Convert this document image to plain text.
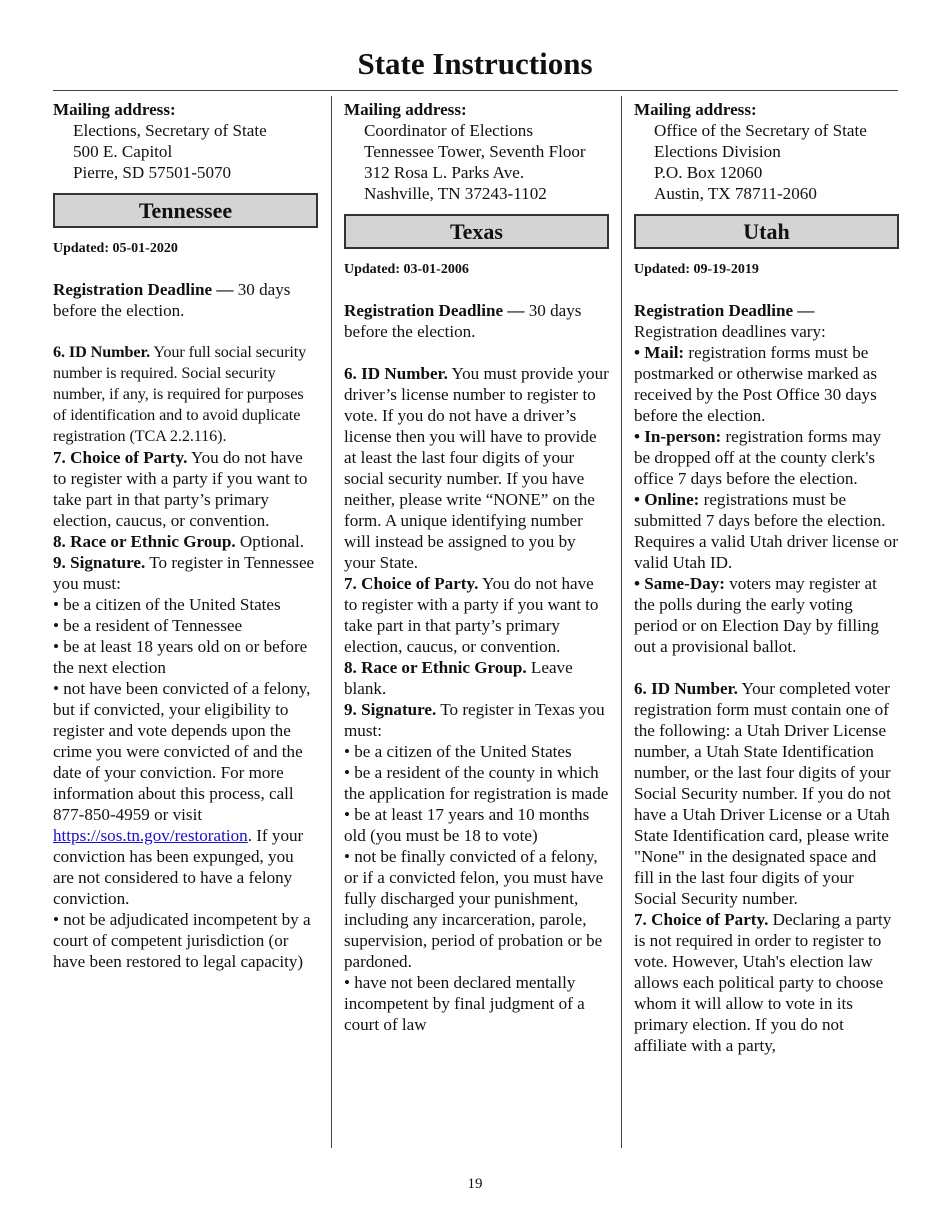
State Instructions

Mailing address:

Elections, Secretary of State

500 E. Capitol

Pierre, SD 57501-5070

Tennessee

Updated: 05-01-2020

Registration Deadline — 30 days before the election.

6. ID Number. Your full social security number is required. Social security number, if any, is required for purposes of identification and to avoid duplicate registration (TCA 2.2.116).

7. Choice of Party. You do not have to register with a party if you want to take part in that party’s primary election, caucus, or convention.

8. Race or Ethnic Group. Optional.

9. Signature. To register in Tennessee you must:

• be a citizen of the United States

• be a resident of Tennessee

• be at least 18 years old on or before the next election

• not have been convicted of a felony, but if convicted, your eligibility to register and vote depends upon the crime you were convicted of and the date of your conviction. For more information about this process, call 877-850-4959 or visit https://sos.tn.gov/restoration. If your conviction has been expunged, you are not considered to have a felony conviction.

• not be adjudicated incompetent by a court of competent jurisdiction (or have been restored to legal capacity)

Mailing address:

Coordinator of Elections

Tennessee Tower, Seventh Floor

312 Rosa L. Parks Ave.

Nashville, TN 37243-1102

Texas

Updated: 03-01-2006

Registration Deadline — 30 days before the election.

6. ID Number. You must provide your driver’s license number to register to vote. If you do not have a driver’s license then you will have to provide at least the last four digits of your social security number. If you have neither, please write “NONE” on the form. A unique identifying number will instead be assigned to you by your State.

7. Choice of Party. You do not have to register with a party if you want to take part in that party’s primary election, caucus, or convention.

8. Race or Ethnic Group. Leave blank.

9. Signature. To register in Texas you must:

• be a citizen of the United States

• be a resident of the county in which the application for registration is made

• be at least 17 years and 10 months old (you must be 18 to vote)

• not be finally convicted of a felony, or if a convicted felon, you must have fully discharged your punishment, including any incarceration, parole, supervision, period of probation or be pardoned.

• have not been declared mentally incompetent by final judgment of a court of law

Mailing address:

Office of the Secretary of State

Elections Division

P.O. Box 12060

Austin, TX 78711-2060

Utah

Updated: 09-19-2019

Registration Deadline —

Registration deadlines vary:

• Mail: registration forms must be postmarked or otherwise marked as received by the Post Office 30 days before the election.

• In-person: registration forms may be dropped off at the county clerk's office 7 days before the election.

• Online: registrations must be submitted 7 days before the election. Requires a valid Utah driver license or valid Utah ID.

• Same-Day: voters may register at the polls during the early voting period or on Election Day by filling out a provisional ballot.

6. ID Number. Your completed voter registration form must contain one of the following: a Utah Driver License number, a Utah State Identification number, or the last four digits of your Social Security number. If you do not have a Utah Driver License or a Utah State Identification card, please write "None" in the designated space and fill in the last four digits of your Social Security number.

7. Choice of Party. Declaring a party is not required in order to register to vote. However, Utah's election law allows each political party to choose whom it will allow to vote in its primary election. If you do not affiliate with a party,

19
